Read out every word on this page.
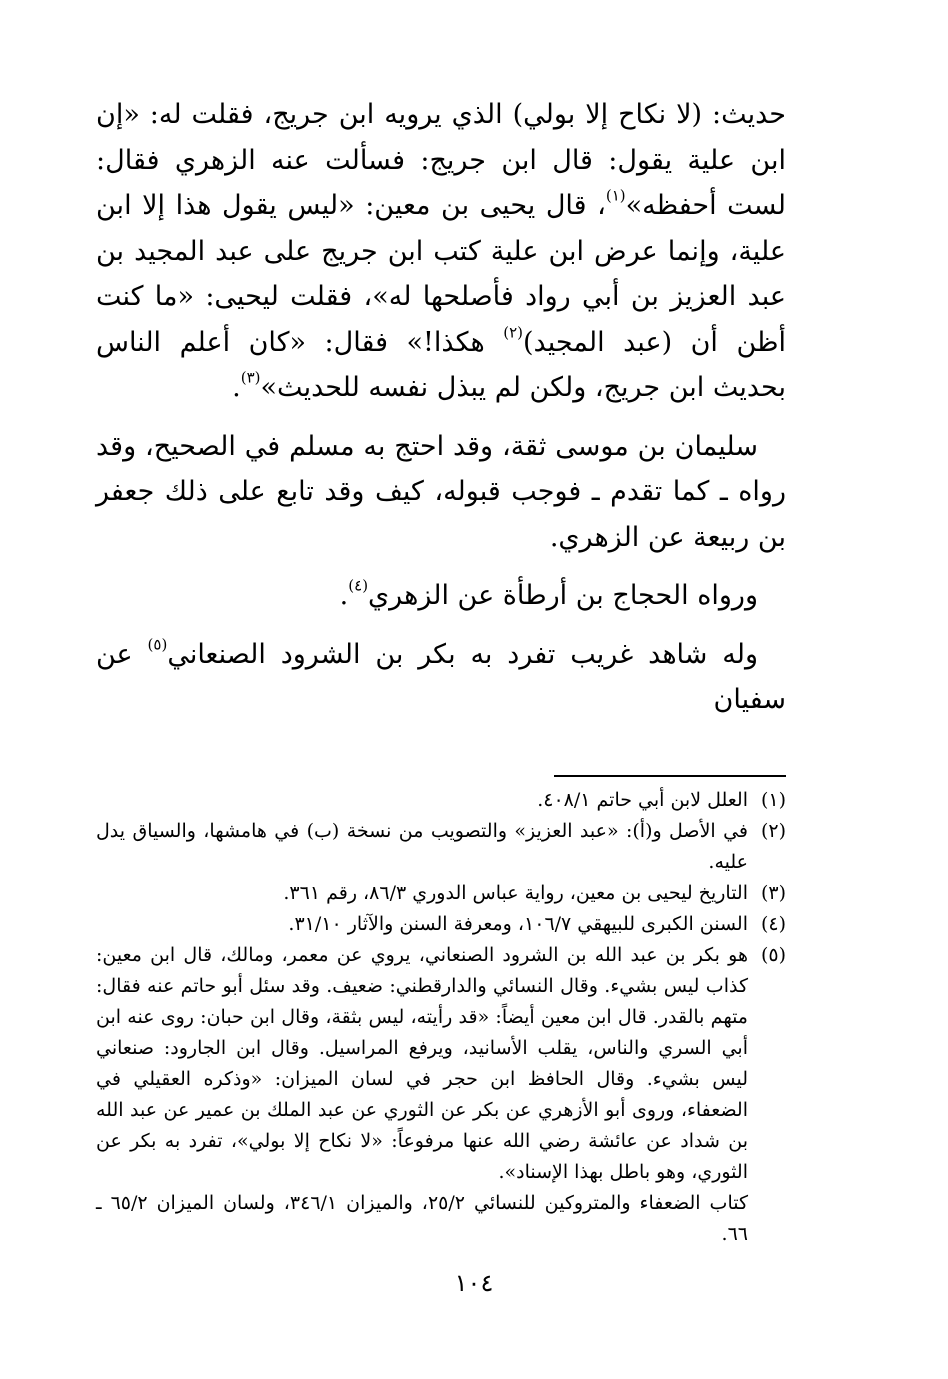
حديث: (لا نكاح إلا بولي) الذي يرويه ابن جريج، فقلت له: «إن ابن علية يقول: قال ابن جريج: فسألت عنه الزهري فقال: لست أحفظه»$^{(١)}$، قال يحيى بن معين: «ليس يقول هذا إلا ابن علية، وإنما عرض ابن علية كتب ابن جريج على عبد المجيد بن عبد العزيز بن أبي رواد فأصلحها له»، فقلت ليحيى: «ما كنت أظن أن (عبد المجيد)$^{(٢)}$ هكذا!» فقال: «كان أعلم الناس بحديث ابن جريج، ولكن لم يبذل نفسه للحديث»$^{(٣)}$.

سليمان بن موسى ثقة، وقد احتج به مسلم في الصحيح، وقد رواه ـ كما تقدم ـ فوجب قبوله، كيف وقد تابع على ذلك جعفر بن ربيعة عن الزهري.

ورواه الحجاج بن أرطأة عن الزهري$^{(٤)}$.

وله شاهد غريب تفرد به بكر بن الشرود الصنعاني$^{(٥)}$ عن سفيان

(١)
العلل لابن أبي حاتم ٤٠٨/١.
(٢)
في الأصل و(أ): «عبد العزيز» والتصويب من نسخة (ب) في هامشها، والسياق يدل عليه.
(٣)
التاريخ ليحيى بن معين، رواية عباس الدوري ٨٦/٣، رقم ٣٦١.
(٤)
السنن الكبرى للبيهقي ١٠٦/٧، ومعرفة السنن والآثار ٣١/١٠.
(٥)
هو بكر بن عبد الله بن الشرود الصنعاني، يروي عن معمر، ومالك، قال ابن معين: كذاب ليس بشيء. وقال النسائي والدارقطني: ضعيف. وقد سئل أبو حاتم عنه فقال: متهم بالقدر. قال ابن معين أيضاً: «قد رأيته، ليس بثقة، وقال ابن حبان: روى عنه ابن أبي السري والناس، يقلب الأسانيد، ويرفع المراسيل. وقال ابن الجارود: صنعاني ليس بشيء. وقال الحافظ ابن حجر في لسان الميزان: «وذكره العقيلي في الضعفاء، وروى أبو الأزهري عن بكر عن الثوري عن عبد الملك بن عمير عن عبد الله بن شداد عن عائشة رضي الله عنها مرفوعاً: «لا نكاح إلا بولي»، تفرد به بكر عن الثوري، وهو باطل بهذا الإسناد».
كتاب الضعفاء والمتروكين للنسائي ٢٥/٢، والميزان ٣٤٦/١، ولسان الميزان ٦٥/٢ ـ ٦٦.
١٠٤
